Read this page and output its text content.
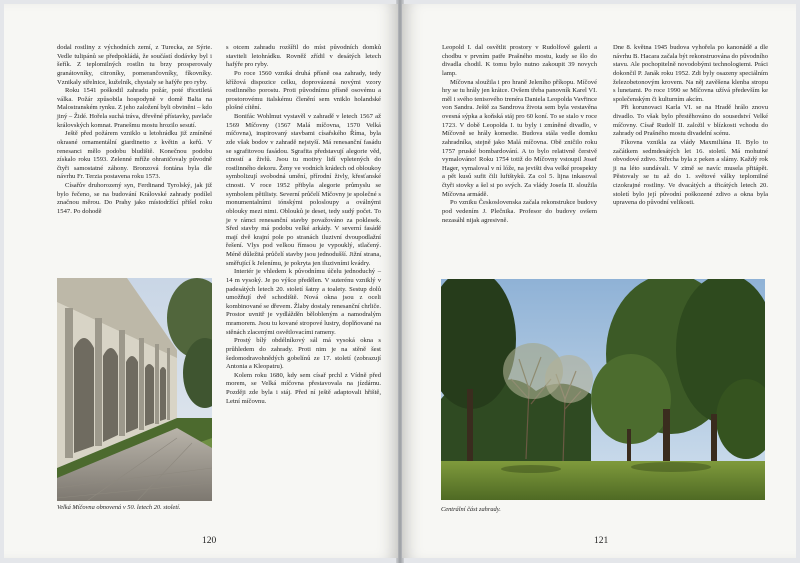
dodal rostliny z východních zemí, z Turecka, ze Sýrie. Vedle tulipánů se předpokládá, že součástí dodávky byl i šeřík. Z teplomilných rostlin tu brzy prosperovaly granátovníky, citroníky, pomerančovníky, fíkovníky. Vznikaly střelnice, kuželník, chystaly se hafýře pro ryby.

Roku 1541 poškodil zahradu požár, poté třicetiletá válka. Požár způsobila hospodyně v domě Balta na Malostranském rynku. Z jeho založení byli obviněni – kdo jiný – Židé. Hořela suchá tráva, dřevěné přístavky, pavlače královských komnat. Pranešmu mostu hrozilo sesutí.

Ještě před požárem vzniklo u letohrádku již zmíněné okrasné ornamentální giardinetto z květin a keřů. V renesanci mělo podobu bludiště. Konečnou podobu získalo roku 1593. Zelenné mříže ohraničovaly původně čtyři samostatné záhony. Bronzová fontána byla dle návrhu Fr. Terzia postavena roku 1573.

Císařův druhorozený syn, Ferdinand Tyrolský, jak již bylo řečeno, se na budování Královské zahrady podílel značnou měrou. Do Prahy jako místodržící přišel roku 1547. Po dohodě

Velká Míčovna obnovená v 50. letech 20. století.

s otcem zahradu rozšířil do míst původních domků staviteli letohrádku. Rovněž zřídil v desátých letech hafýře pro ryby.

Po roce 1560 vzniká druhá přísně osa zahrady, tedy křížová dispozice celku, doprovázená novými vzory rostlinného porostu. Proti původnímu přísně osovému a prostorovému italskému členění sem vniklo holandské plošné cítění.

Bonifác Wohlmut vystavěl v zahradě v letech 1567 až 1569 Míčovny (1567 Malá míčovna, 1570 Velká míčovna), inspirovaný stavbami císařského Říma, byla zde však bodov v zahradě nejstyší. Má renesanční fasádu se sgrafitovou fasádou. Sgrafita představují alegorie věd, ctností a živlů. Jsou tu motivy lidí vpletených do rostlinného dekoru. Ženy ve vodních krádech od obloukoy symbolizují svobodná umění, přírodní živly, křesťanské ctnosti. V roce 1952 přibyla alegorie průmyslu se symbolem pětilisty. Severní průčelí Míčovny je společné s monumentalními iónskými polosloupy a oválnými oblouky mezi nimi. Oblouků je deset, tedy sudý počet. To je v rámci renesanční stavby považováno za poklesek. Sřed stavby má podobu velké arkády. V severní fasádě mají dvě krajní pole po stranách iluzivní dvoupodlažní řešení. Vlys pod velkou římsou je vypouklý, stlačený. Méně důležitá průčelí stavby jsou jednodušší. Jižní strana, směřující k Jelenímu, je pokryta jen iluzivními kvádry.

Interiér je vhledem k původnímu účelu jednoduchý – 14 m vysoký. Je po výšce předělen. V suterénu vzniklý v padesátých letech 20. století šatny a toalety. Sestup dolů umožňují dvě schodiště. Nová okna jsou z oceli kombinované se dřevem. Žlaby dostaly renesanční chrliče. Prostor uvnitř je vydlážděn bělobleným a namodralým mramorem. Jsou tu kované stropové lustry, doplňované na stěnách zlacenými osvětlovacími rameny.

Prostý bílý obdélníkový sál má vysoká okna s průhledem do zahrady. Proti nim je na stěně šest šedomodravohnědých gobelínů ze 17. století (zobrazují Antonia a Kleopatru).

Kolem roku 1680, kdy sem císař prchl z Vídně před morem, se Velká míčovna přestavovala na jízdárnu. Později zde byla i stáj. Před ní ještě adaptovali hřiště, Letní míčovnu.

120

Leopold I. dal osvětlit prostory v Rudolfově galerii a chodbu v prvním patře Prašného mostu, kudy se šlo do divadla chodil. K tomu bylo nutno zakoupit 39 novych lamp.

Míčovna sloužila i pro hraně Jeleního příkopu. Míčové hry se tu hrály jen krátce. Ovšem třeba panovník Karel VI. měl i svého tenisového trenéra Daniela Leopolda Vavřince von Sandra. Ještě za Sandrova života sem byla vestavěna ovesná sýpka a koňská stáj pro 60 koní. To se stalo v roce 1723. V době Leopolda I. tu byly i zmíněné divadlo, v Míčovně se hrály komedie. Budova stála vedle domku zahradníka, stejně jako Malá míčovna. Obě zničilo roku 1757 pruské bombardování. A to bylo relativně čerstvě vymalováno! Roku 1754 totiž do Míčovny vstoupil Josef Hager, vymaloval v ní lóže, na jevišti dva velké prospekty a pět kusů sufit čili luftštyků. Za col 5. lijna inkasoval čtyři stovky a šel si po svých. Za vlády Josefa II. sloužila Míčovna armádě.

Po vzniku Československa začala rekonstrukce budovy pod vedením J. Plečnika. Profesor do budovy ovšem nezasáhl nijak agresivně.

Dne 8. května 1945 budova vyhořela po kanonádě a dle návrhu B. Hacara začala být rekonstruována do původního stavu. Ale pochopitelně novodobými technologiemi. Práci dokončil P. Janák roku 1952. Zdi byly osazeny speciálním železobetonovým krovem. Na něj zavěšena klenba stropu s lunetami. Po roce 1990 se Míčovna užívá především ke společenským či kulturním akcím.

Při korunovaci Karla VI. se na Hradě hrálo znovu divadlo. To však bylo přestěhováno do sousedství Velké míčovny. Císař Rudolf II. založil v blízkosti vchodu do zahrady od Prašného mostu divadelní scénu.

Fíkovna vznikla za vlády Maxmiliána II. Bylo to začátkem sedmdesátých let 16. století. Má mohutné obvodové zdivo. Střecha byla z peken a slámy. Každý rok ji na léto sundávali. V zimě se navíc musela přitápět. Pěstovaly se tu až do 1. světové války teplomilné cizokrajné rostliny. Ve dvacátých a třicátých letech 20. století bylo její původní poškozené zdivo a okna byla upravena do původní velikosti.

Centrální část zahrady.
121
